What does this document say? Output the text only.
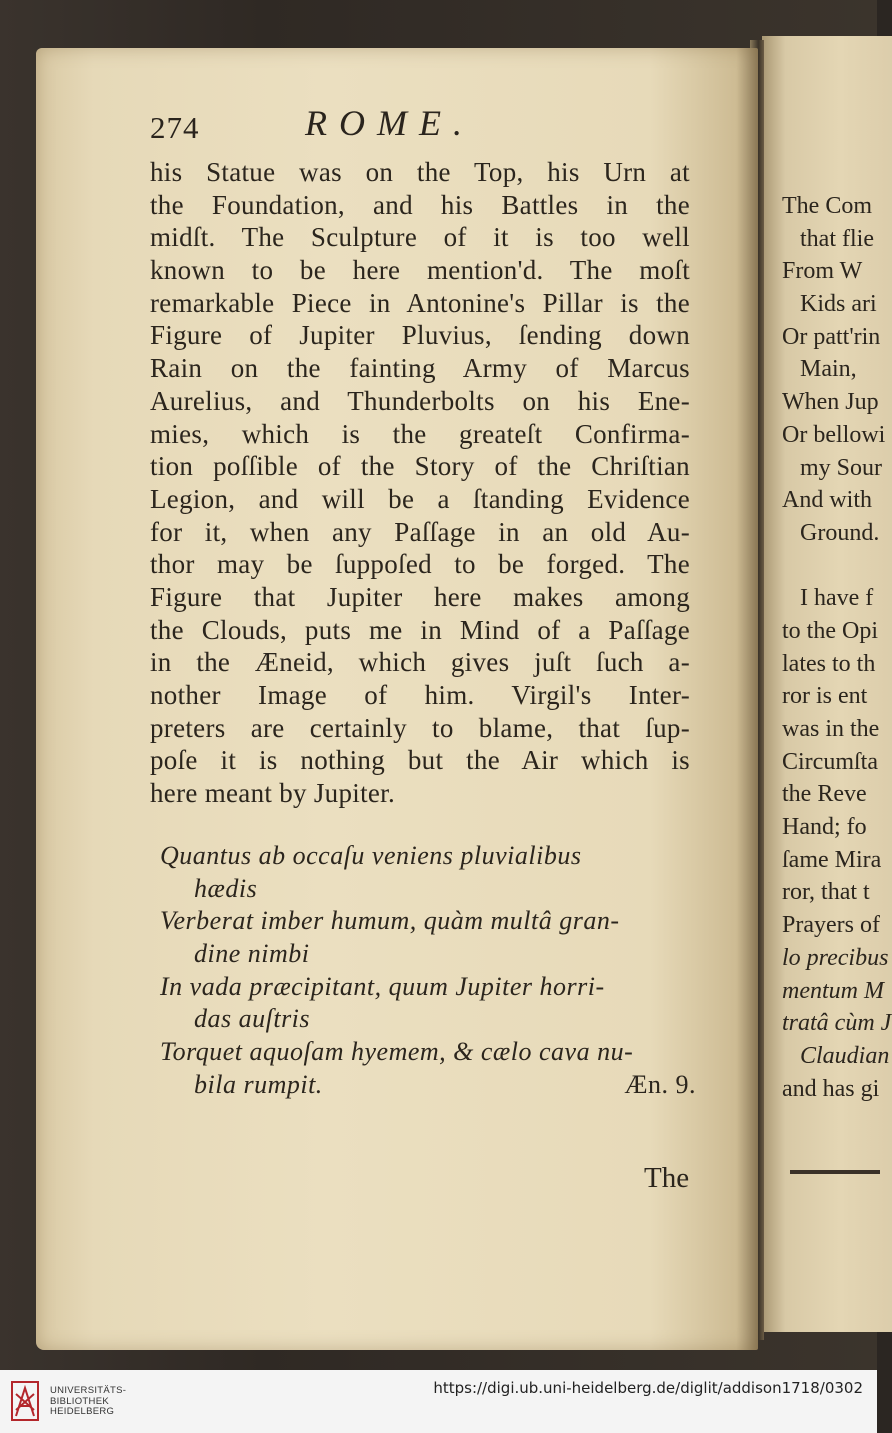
274	ROME.
his Statue was on the Top, his Urn at
the Foundation, and his Battles in the
midſt. The Sculpture of it is too well
known to be here mention'd. The moſt
remarkable Piece in Antonine's Pillar is the
Figure of Jupiter Pluvius, ſending down
Rain on the fainting Army of Marcus
Aurelius, and Thunderbolts on his Ene-
mies, which is the greateſt Confirma-
tion poſſible of the Story of the Chriſtian
Legion, and will be a ſtanding Evidence
for it, when any Paſſage in an old Au-
thor may be ſuppoſed to be forged. The
Figure that Jupiter here makes among
the Clouds, puts me in Mind of a Paſſage
in the Æneid, which gives juſt ſuch a-
nother Image of him. Virgil's Inter-
preters are certainly to blame, that ſup-
poſe it is nothing but the Air which is
here meant by Jupiter.
Quantus ab occaſu veniens pluvialibus
hædis
Verberat imber humum, quàm multâ gran-
dine nimbi
In vada præcipitant, quum Jupiter horri-
das auſtris
Torquet aquoſam hyemem, & cælo cava nu-
Æn. 9.
bila rumpit.
The
The Com
that flie
From W
Kids ari
Or patt'rin
Main,
When Jup
Or bellowi
my Sour
And with
Ground.
I have f
to the Opi
lates to th
ror is ent
was in the
Circumſta
the Reve
Hand; fo
ſame Mira
ror, that t
Prayers of
lo precibus
mentum M
tratâ cùm J
Claudian
and has gi
UNIVERSITÄTS-
BIBLIOTHEK
HEIDELBERG
https://digi.ub.uni-heidelberg.de/diglit/addison1718/0302
